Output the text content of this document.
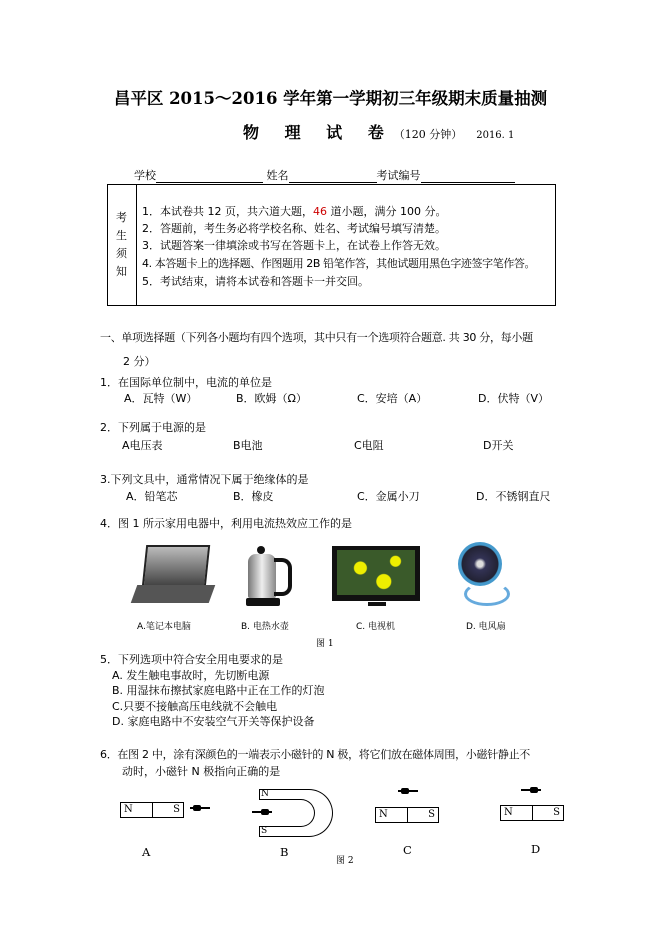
昌平区 2015～2016 学年第一学期初三年级期末质量抽测
物 理 试 卷（120 分钟） 2016. 1
学校	姓名	考试编号
考
生
须
知
1．本试卷共 12 页，共六道大题，46 道小题，满分 100 分。
2．答题前，考生务必将学校名称、姓名、考试编号填写清楚。
3．试题答案一律填涂或书写在答题卡上，在试卷上作答无效。
4. 本答题卡上的选择题、作图题用 2B 铅笔作答，其他试题用黑色字迹签字笔作答。
5．考试结束，请将本试卷和答题卡一并交回。
一、单项选择题（下列各小题均有四个选项，其中只有一个选项符合题意. 共 30 分，每小题
2 分）
1．在国际单位制中，电流的单位是
A．瓦特（W）	B．欧姆（Ω）	C．安培（A）	D．伏特（V）
2．下列属于电源的是
A电压表	B电池	C电阻	D开关
3.下列文具中，通常情况下属于绝缘体的是
A．铅笔芯	B．橡皮	C．金属小刀	D．不锈钢直尺
4．图 1 所示家用电器中，利用电流热效应工作的是
A.笔记本电脑	B. 电热水壶	C. 电视机	D. 电风扇
图 1
5．下列选项中符合安全用电要求的是
A. 发生触电事故时，先切断电源
B. 用湿抹布擦拭家庭电路中正在工作的灯泡
C.只要不接触高压电线就不会触电
D. 家庭电路中不安装空气开关等保护设备
6．在图 2 中，涂有深颜色的一端表示小磁针的 N 极，将它们放在磁体周围，小磁针静止不
动时，小磁针 N 极指向正确的是
N	S
N
S
N	S	N	S
A	B	C	D
图 2
